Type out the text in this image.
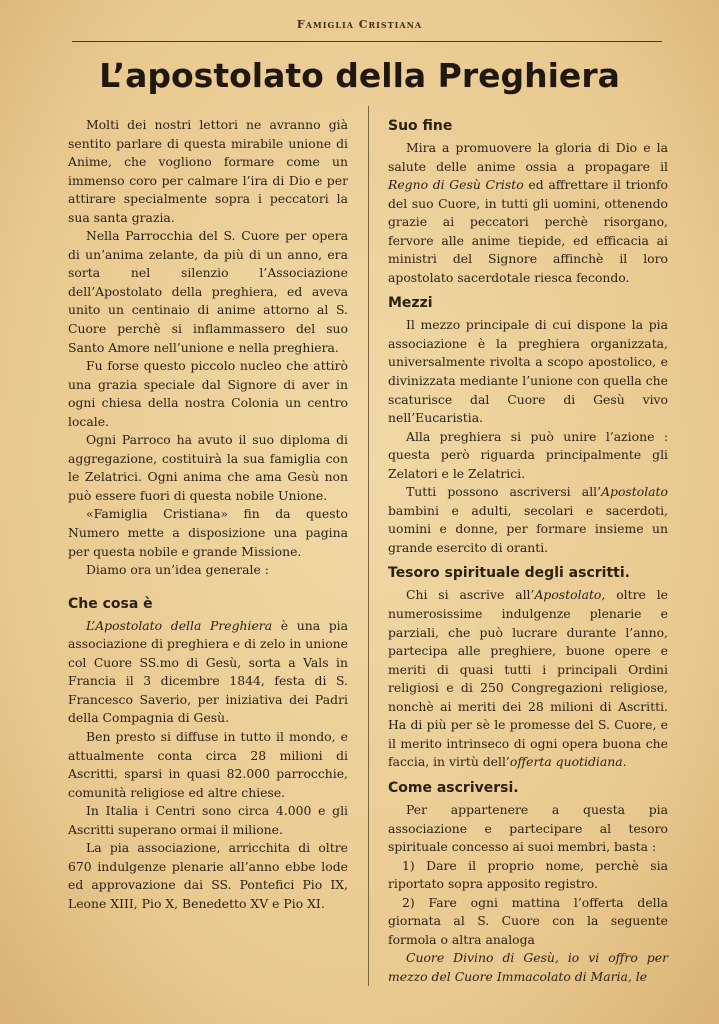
Famiglia Cristiana
L’apostolato della Preghiera

Molti dei nostri lettori ne avranno già sentito parlare di questa mirabile unione di Anime, che vogliono formare come un immenso coro per calmare l’ira di Dio e per attirare specialmente sopra i peccatori la sua santa grazia.

Nella Parrocchia del S. Cuore per opera di un’anima zelante, da più di un anno, era sorta nel silenzio l’Associazione dell’Apostolato della preghiera, ed aveva unito un centinaio di anime attorno al S. Cuore perchè si inflammassero del suo Santo Amore nell’unione e nella preghiera.

Fu forse questo piccolo nucleo che attirò una grazia speciale dal Signore di aver in ogni chiesa della nostra Colonia un centro locale.

Ogni Parroco ha avuto il suo diploma di aggregazione, costituirà la sua famiglia con le Zelatrici. Ogni anima che ama Gesù non può essere fuori di questa nobile Unione.

«Famiglia Cristiana» fin da questo Numero mette a disposizione una pagina per questa nobile e grande Missione.

Diamo ora un’idea generale :

Che cosa è

L’Apostolato della Preghiera è una pia associazione di preghiera e di zelo in unione col Cuore SS.mo di Gesù, sorta a Vals in Francia il 3 dicembre 1844, festa di S. Francesco Saverio, per iniziativa dei Padri della Compagnia di Gesù.

Ben presto si diffuse in tutto il mondo, e attualmente conta circa 28 milioni di Ascritti, sparsi in quasi 82.000 parrocchie, comunità religiose ed altre chiese.

In Italia i Centri sono circa 4.000 e gli Ascritti superano ormai il milione.

La pia associazione, arricchita di oltre 670 indulgenze plenarie all’anno ebbe lode ed approvazione dai SS. Pontefici Pio IX, Leone XIII, Pio X, Benedetto XV e Pio XI.

Suo fine

Mira a promuovere la gloria di Dio e la salute delle anime ossia a propagare il Regno di Gesù Cristo ed affrettare il trionfo del suo Cuore, in tutti gli uomini, ottenendo grazie ai peccatori perchè risorgano, fervore alle anime tiepide, ed efficacia ai ministri del Signore affinchè il loro apostolato sacerdotale riesca fecondo.

Mezzi

Il mezzo principale di cui dispone la pia associazione è la preghiera organizzata, universalmente rivolta a scopo apostolico, e divinizzata mediante l’unione con quella che scaturisce dal Cuore di Gesù vivo nell’Eucaristia.

Alla preghiera si può unire l’azione : questa però riguarda principalmente gli Zelatori e le Zelatrici.

Tutti possono ascriversi all’Apostolato bambini e adulti, secolari e sacerdoti, uomini e donne, per formare insieme un grande esercito di oranti.

Tesoro spirituale degli ascritti.

Chi si ascrive all’Apostolato, oltre le numerosissime indulgenze plenarie e parziali, che può lucrare durante l’anno, partecipa alle preghiere, buone opere e meriti di quasi tutti i principali Ordini religiosi e di 250 Congregazioni religiose, nonchè ai meriti dei 28 milioni di Ascritti. Ha di più per sè le promesse del S. Cuore, e il merito intrinseco di ogni opera buona che faccia, in virtù dell’offerta quotidiana.

Come ascriversi.

Per appartenere a questa pia associazione e partecipare al tesoro spirituale concesso ai suoi membri, basta :

1) Dare il proprio nome, perchè sia riportato sopra apposito registro.

2) Fare ogni mattina l’offerta della giornata al S. Cuore con la seguente formola o altra analoga

Cuore Divino di Gesù, io vi offro per mezzo del Cuore Immacolato di Maria, le
